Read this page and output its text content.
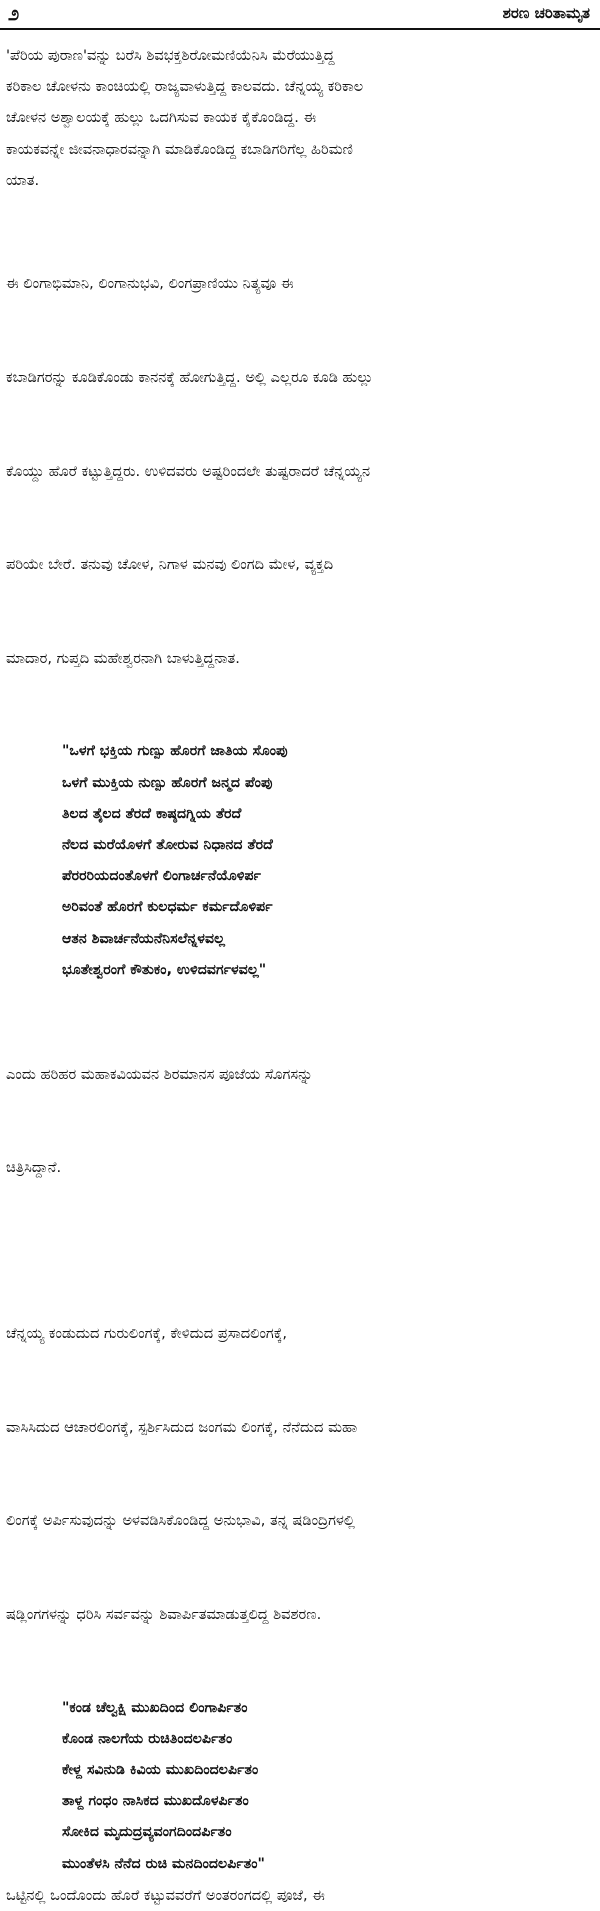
೨	ಶರಣ ಚರಿತಾಮೃತ
'ಪೆರಿಯ ಪುರಾಣ'ವನ್ನು ಬರೆಸಿ ಶಿವಭಕ್ತಶಿರೋಮಣಿಯೆನಿಸಿ ಮೆರೆಯುತ್ತಿದ್ದ
ಕರಿಕಾಲ ಚೋಳನು ಕಾಂಚಿಯಲ್ಲಿ ರಾಜ್ಯವಾಳುತ್ತಿದ್ದ ಕಾಲವದು. ಚೆನ್ನಯ್ಯ ಕರಿಕಾಲ
ಚೋಳನ ಅಶ್ವಾಲಯಕ್ಕೆ ಹುಲ್ಲು ಒದಗಿಸುವ ಕಾಯಕ ಕೈಕೊಂಡಿದ್ದ. ಈ
ಕಾಯಕವನ್ನೇ ಜೀವನಾಧಾರವನ್ನಾಗಿ ಮಾಡಿಕೊಂಡಿದ್ದ ಕಬಾಡಿಗರಿಗೆಲ್ಲ ಹಿರಿಮಣಿ
ಯಾತ.

ಈ ಲಿಂಗಾಭಿಮಾನಿ, ಲಿಂಗಾನುಭವಿ, ಲಿಂಗಪ್ರಾಣಿಯು ನಿತ್ಯವೂ ಈ

ಕಬಾಡಿಗರನ್ನು ಕೂಡಿಕೊಂಡು ಕಾನನಕ್ಕೆ ಹೋಗುತ್ತಿದ್ದ. ಅಲ್ಲಿ ಎಲ್ಲರೂ ಕೂಡಿ ಹುಲ್ಲು

ಕೊಯ್ದು ಹೊರೆ ಕಟ್ಟುತ್ತಿದ್ದರು. ಉಳಿದವರು ಅಷ್ಟರಿಂದಲೇ ತುಷ್ಟರಾದರೆ ಚೆನ್ನಯ್ಯನ

ಪರಿಯೇ ಬೇರೆ. ತನುವು ಚೋಳ, ನಿಗಾಳ ಮನವು ಲಿಂಗದಿ ಮೇಳ, ವ್ಯಕ್ತದಿ

ಮಾದಾರ, ಗುಪ್ತದಿ ಮಹೇಶ್ವರನಾಗಿ ಬಾಳುತ್ತಿದ್ದನಾತ.

"ಒಳಗೆ ಭಕ್ತಿಯ ಗುಣ್ಪು ಹೊರಗೆ ಜಾತಿಯ ಸೊಂಪು
ಒಳಗೆ ಮುಕ್ತಿಯ ನುಣ್ಪು ಹೊರಗೆ ಜನ್ಮದ ಪೆಂಪು
ತಿಲದ ತೈಲದ ತೆರದೆ ಕಾಷ್ಠದಗ್ನಿಯ ತೆರದೆ
ನೆಲದ ಮರೆಯೊಳಗೆ ತೋರುವ ನಿಧಾನದ ತೆರದೆ
ಪೆರರರಿಯದಂತೊಳಗೆ ಲಿಂಗಾರ್ಚನೆಯೊಳಿರ್ಪ
ಅರಿವಂತೆ ಹೊರಗೆ ಕುಲಧರ್ಮ ಕರ್ಮದೊಳಿರ್ಪ
ಆತನ ಶಿವಾರ್ಚನೆಯನೆನಿಸಲೆನ್ನಳವಲ್ಲ
ಭೂತೇಶ್ವರಂಗೆ ಕೌತುಕಂ, ಉಳಿದವರ್ಗಳವಲ್ಲ"

ಎಂದು ಹರಿಹರ ಮಹಾಕವಿಯವನ ಶಿರಮಾನಸ ಪೂಜೆಯ ಸೊಗಸನ್ನು

ಚಿತ್ರಿಸಿದ್ದಾನೆ.

ಚೆನ್ನಯ್ಯ ಕಂಡುದುದ ಗುರುಲಿಂಗಕ್ಕೆ, ಕೇಳಿದುದ ಪ್ರಸಾದಲಿಂಗಕ್ಕೆ,

ವಾಸಿಸಿದುದ ಆಚಾರಲಿಂಗಕ್ಕೆ, ಸ್ಪರ್ಶಿಸಿದುದ ಜಂಗಮ ಲಿಂಗಕ್ಕೆ, ನೆನೆದುದ ಮಹಾ

ಲಿಂಗಕ್ಕೆ ಅರ್ಪಿಸುವುದನ್ನು ಅಳವಡಿಸಿಕೊಂಡಿದ್ದ ಅನುಭಾವಿ, ತನ್ನ ಷಡಿಂದ್ರಿಗಳಲ್ಲಿ

ಷಡ್ಲಿಂಗಗಳನ್ನು ಧರಿಸಿ ಸರ್ವವನ್ನು ಶಿವಾರ್ಪಿತಮಾಡುತ್ತಲಿದ್ದ ಶಿವಶರಣ.

"ಕಂಡ ಚೆಲ್ವಕ್ಷಿ ಮುಖದಿಂದ ಲಿಂಗಾರ್ಪಿತಂ
ಕೊಂಡ ನಾಲಗೆಯ ರುಚಿತಿಂದಲರ್ಪಿತಂ
ಕೇಳ್ದ ಸವಿನುಡಿ ಕಿವಿಯ ಮುಖದಿಂದಲರ್ಪಿತಂ
ತಾಳ್ದ ಗಂಧಂ ನಾಸಿಕದ ಮುಖದೊಳರ್ಪಿತಂ
ಸೋಕಿದ ಮೃದುದ್ರವ್ಯವಂಗದಿಂದರ್ಪಿತಂ
ಮುಂತೆಳಸಿ ನೆನೆದ ರುಚಿ ಮನದಿಂದಲರ್ಪಿತಂ"
ಒಟ್ಟಿನಲ್ಲಿ ಒಂದೊಂದು ಹೊರೆ ಕಟ್ಟುವವರೆಗೆ ಅಂತರಂಗದಲ್ಲಿ ಪೂಜೆ, ಈ
